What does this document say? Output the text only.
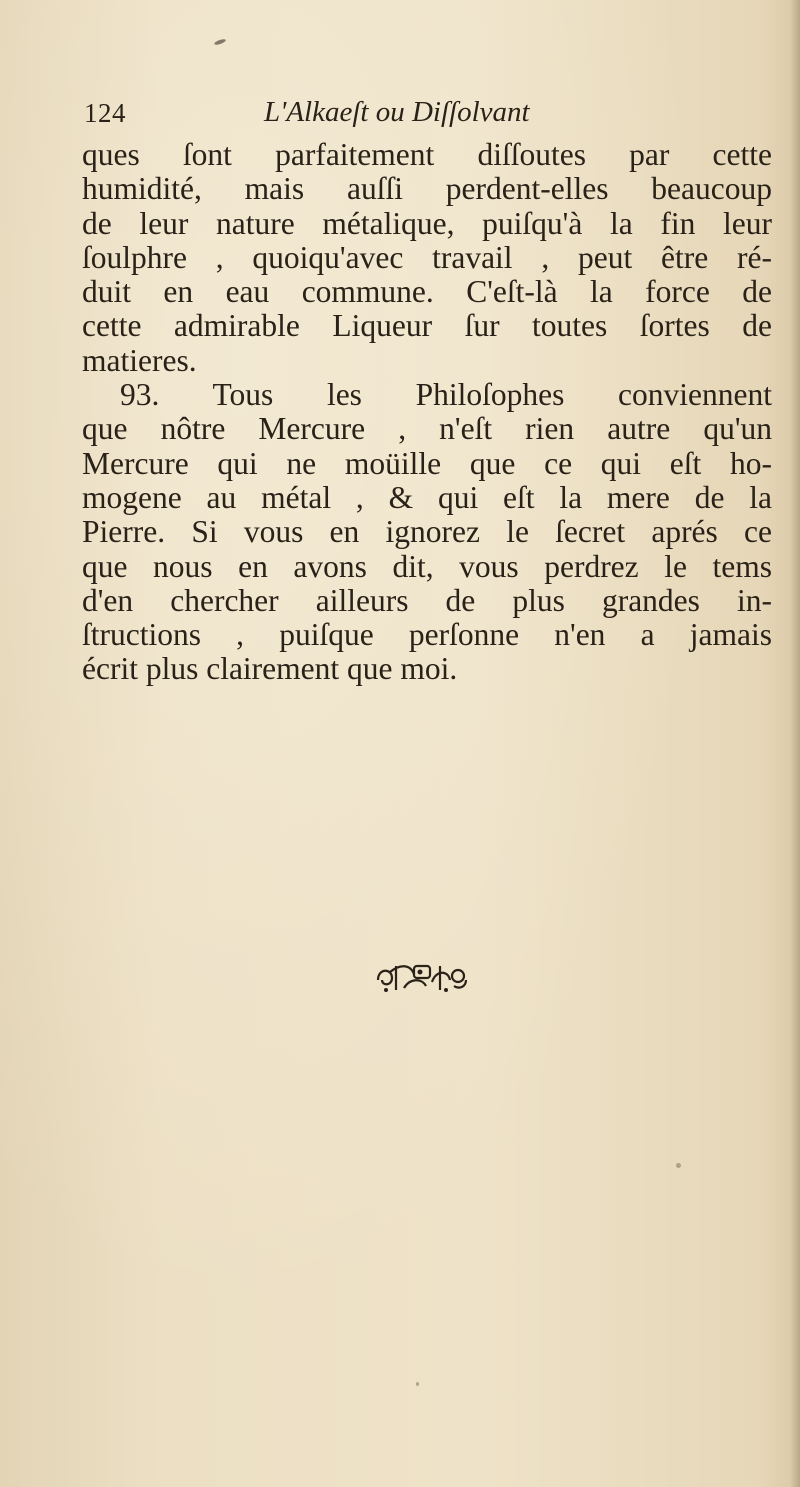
124	L'Alkaeſt ou Diſſolvant
ques ſont parfaitement diſſoutes par cette
humidité, mais auſſi perdent-elles beaucoup
de leur nature métalique, puiſqu'à la fin leur
ſoulphre , quoiqu'avec travail , peut être ré-
duit en eau commune. C'eſt-là la force de
cette admirable Liqueur ſur toutes ſortes de
matieres.
93. Tous les Philoſophes conviennent
que nôtre Mercure , n'eſt rien autre qu'un
Mercure qui ne moüille que ce qui eſt ho-
mogene au métal , & qui eſt la mere de la
Pierre. Si vous en ignorez le ſecret aprés ce
que nous en avons dit, vous perdrez le tems
d'en chercher ailleurs de plus grandes in-
ſtructions , puiſque perſonne n'en a jamais
écrit plus clairement que moi.
